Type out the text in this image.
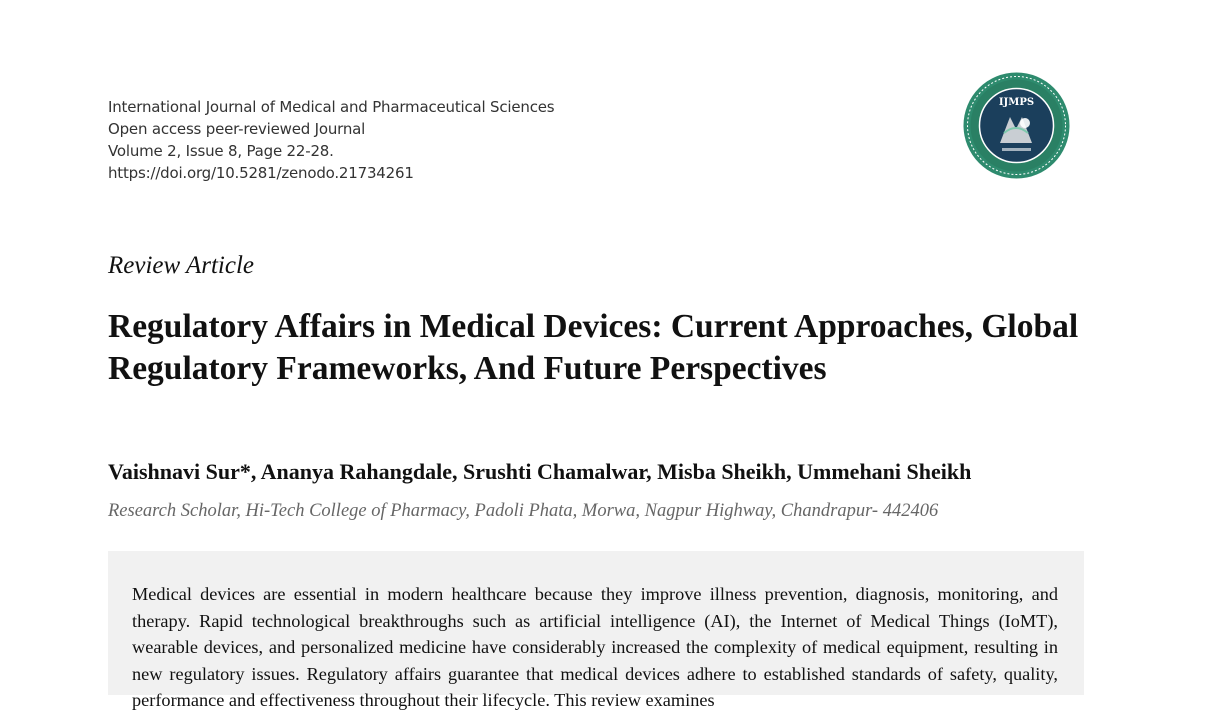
International Journal of Medical and Pharmaceutical Sciences
Open access peer-reviewed Journal
Volume 2, Issue 8, Page 22-28.
https://doi.org/10.5281/zenodo.21734261
IJMPS
Review Article
Regulatory Affairs in Medical Devices: Current Approaches, Global Regulatory Frameworks, And Future Perspectives
Vaishnavi Sur*, Ananya Rahangdale, Srushti Chamalwar, Misba Sheikh, Ummehani Sheikh
Research Scholar, Hi-Tech College of Pharmacy, Padoli Phata, Morwa, Nagpur Highway, Chandrapur- 442406

Medical devices are essential in modern healthcare because they improve illness prevention, diagnosis, monitoring, and therapy. Rapid technological breakthroughs such as artificial intelligence (AI), the Internet of Medical Things (IoMT), wearable devices, and personalized medicine have considerably increased the complexity of medical equipment, resulting in new regulatory issues. Regulatory affairs guarantee that medical devices adhere to established standards of safety, quality, performance and effectiveness throughout their lifecycle. This review examines
